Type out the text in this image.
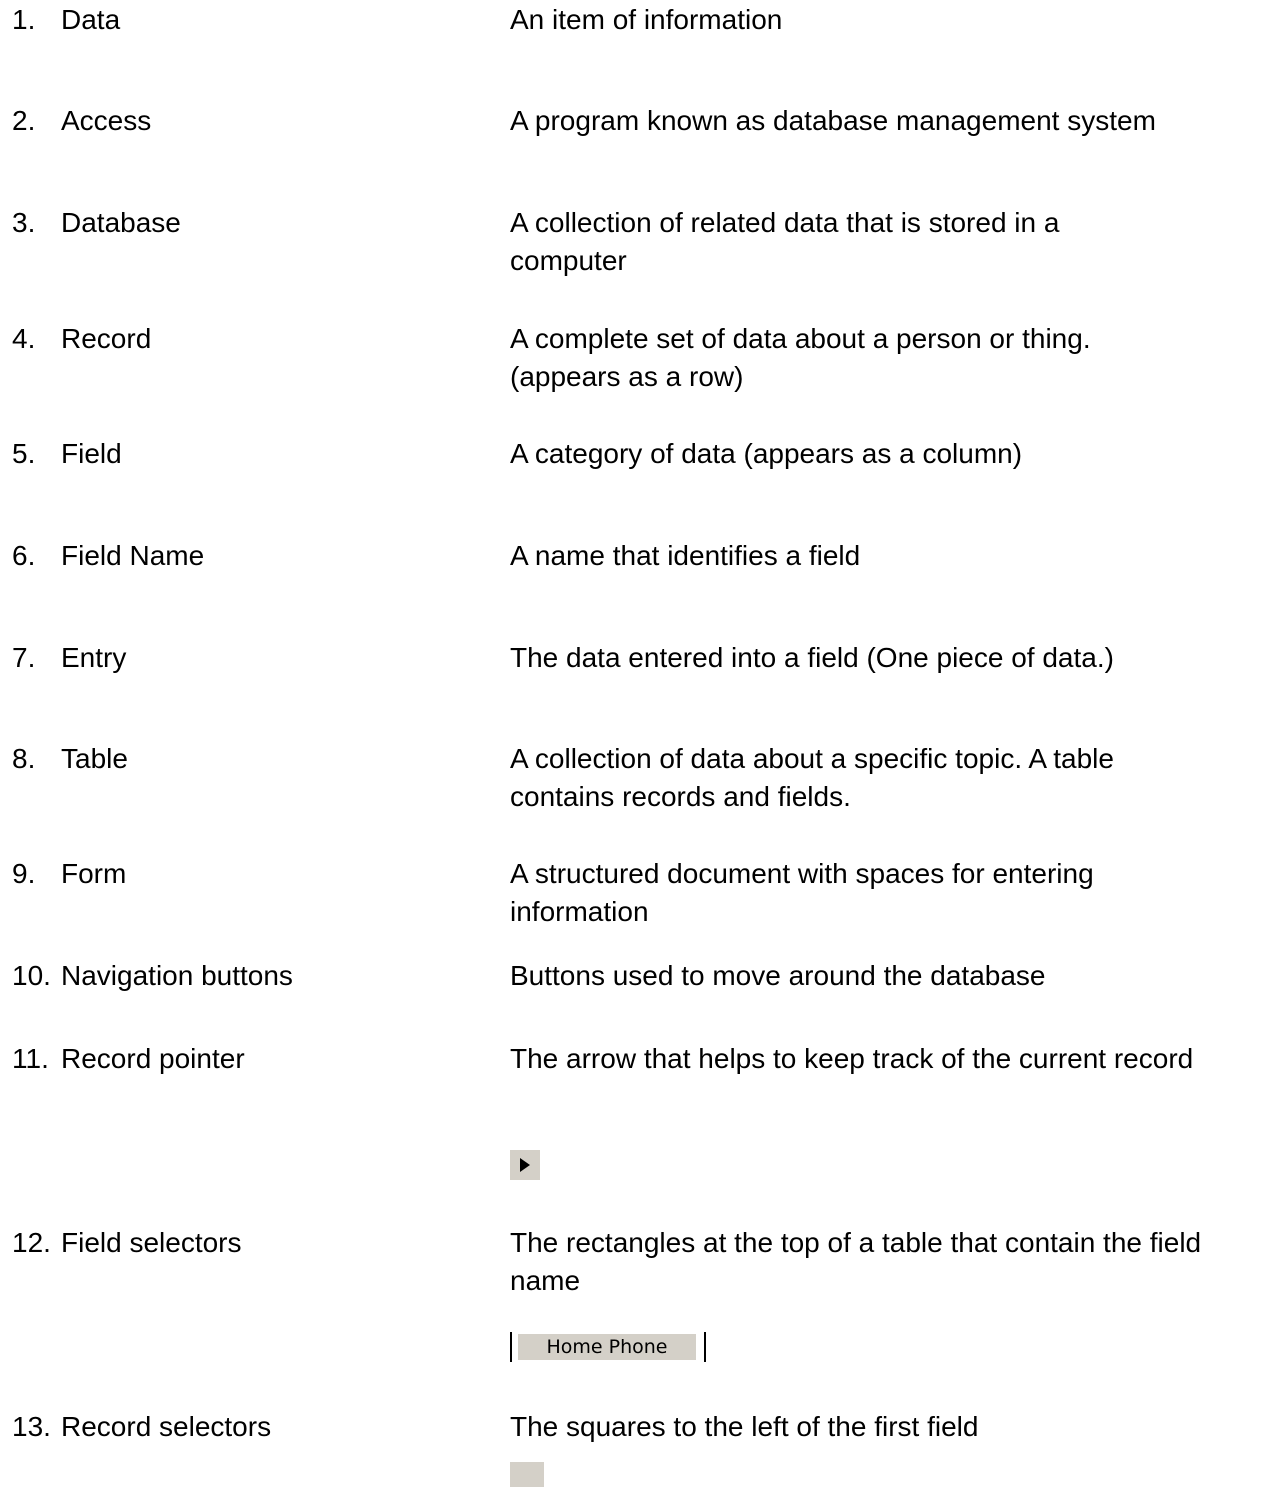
1. Data	An item of information
2. Access	A program known as database management system
3. Database	A collection of related data that is stored in a computer
4. Record	A complete set of data about a person or thing. (appears as a row)
5. Field	A category of data (appears as a column)
6. Field Name	A name that identifies a field
7. Entry	The data entered into a field (One piece of data.)
8. Table	A collection of data about a specific topic. A table contains records and fields.
9. Form	A structured document with spaces for entering information
10. Navigation buttons	Buttons used to move around the database
11. Record pointer	The arrow that helps to keep track of the current record
12. Field selectors	The rectangles at the top of a table that contain the field name
Home Phone
13. Record selectors	The squares to the left of the first field
